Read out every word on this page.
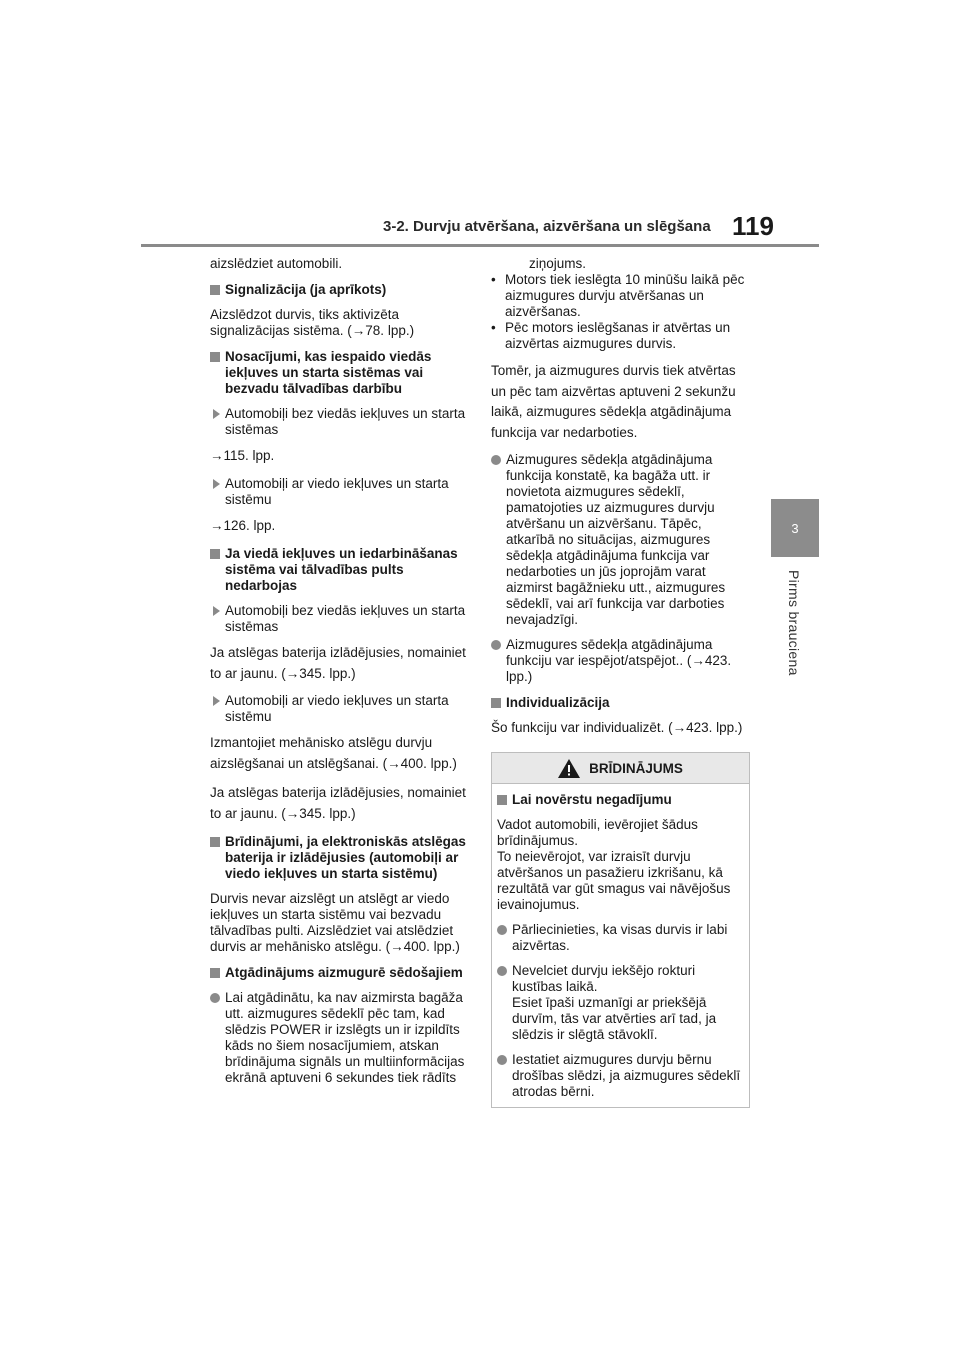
3-2. Durvju atvēršana, aizvēršana un slēgšana 119
3
Pirms brauciena

aizslēdziet automobili.

Signalizācija (ja aprīkots)

Aizslēdzot durvis, tiks aktivizēta signalizācijas sistēma. (→78. lpp.)

Nosacījumi, kas iespaido viedās iekļuves un starta sistēmas vai bezvadu tālvadības darbību
Automobiļi bez viedās iekļuves un starta sistēmas

→115. lpp.

Automobiļi ar viedo iekļuves un starta sistēmu

→126. lpp.

Ja viedā iekļuves un iedarbināšanas sistēma vai tālvadības pults nedarbojas
Automobiļi bez viedās iekļuves un starta sistēmas

Ja atslēgas baterija izlādējusies, nomainiet to ar jaunu. (→345. lpp.)

Automobiļi ar viedo iekļuves un starta sistēmu

Izmantojiet mehānisko atslēgu durvju aizslēgšanai un atslēgšanai. (→400. lpp.)

Ja atslēgas baterija izlādējusies, nomainiet to ar jaunu. (→345. lpp.)

Brīdinājumi, ja elektroniskās atslēgas baterija ir izlādējusies (automobiļi ar viedo iekļuves un starta sistēmu)

Durvis nevar aizslēgt un atslēgt ar viedo iekļuves un starta sistēmu vai bezvadu tālvadības pulti. Aizslēdziet vai atslēdziet durvis ar mehānisko atslēgu. (→400. lpp.)

Atgādinājums aizmugurē sēdošajiem
Lai atgādinātu, ka nav aizmirsta bagāža utt. aizmugures sēdeklī pēc tam, kad slēdzis POWER ir izslēgts un ir izpildīts kāds no šiem nosacījumiem, atskan brīdinājuma signāls un multiinformācijas ekrānā aptuveni 6 sekundes tiek rādīts

ziņojums.

• Motors tiek ieslēgta 10 minūšu laikā pēc aizmugures durvju atvēršanas un aizvēršanas.
• Pēc motors ieslēgšanas ir atvērtas un aizvērtas aizmugures durvis.

Tomēr, ja aizmugures durvis tiek atvērtas un pēc tam aizvērtas aptuveni 2 sekunžu laikā, aizmugures sēdekļa atgādinājuma funkcija var nedarboties.

Aizmugures sēdekļa atgādinājuma funkcija konstatē, ka bagāža utt. ir novietota aizmugures sēdeklī, pamatojoties uz aizmugures durvju atvēršanu un aizvēršanu. Tāpēc, atkarībā no situācijas, aizmugures sēdekļa atgādinājuma funkcija var nedarboties un jūs joprojām varat aizmirst bagāžnieku utt., aizmugures sēdeklī, vai arī funkcija var darboties nevajadzīgi.
Aizmugures sēdekļa atgādinājuma funkciju var iespējot/atspējot.. (→423. lpp.)
Individualizācija

Šo funkciju var individualizēt. (→423. lpp.)

BRĪDINĀJUMS
Lai novērstu negadījumu

Vadot automobili, ievērojiet šādus brīdinājumus.

To neievērojot, var izraisīt durvju atvēršanos un pasažieru izkrišanu, kā rezultātā var gūt smagus vai nāvējošus ievainojumus.

Pārliecinieties, ka visas durvis ir labi aizvērtas.
Nevelciet durvju iekšējo rokturi kustības laikā.
Esiet īpaši uzmanīgi ar priekšējā durvīm, tās var atvērties arī tad, ja slēdzis ir slēgtā stāvoklī.
Iestatiet aizmugures durvju bērnu drošības slēdzi, ja aizmugures sēdeklī atrodas bērni.
